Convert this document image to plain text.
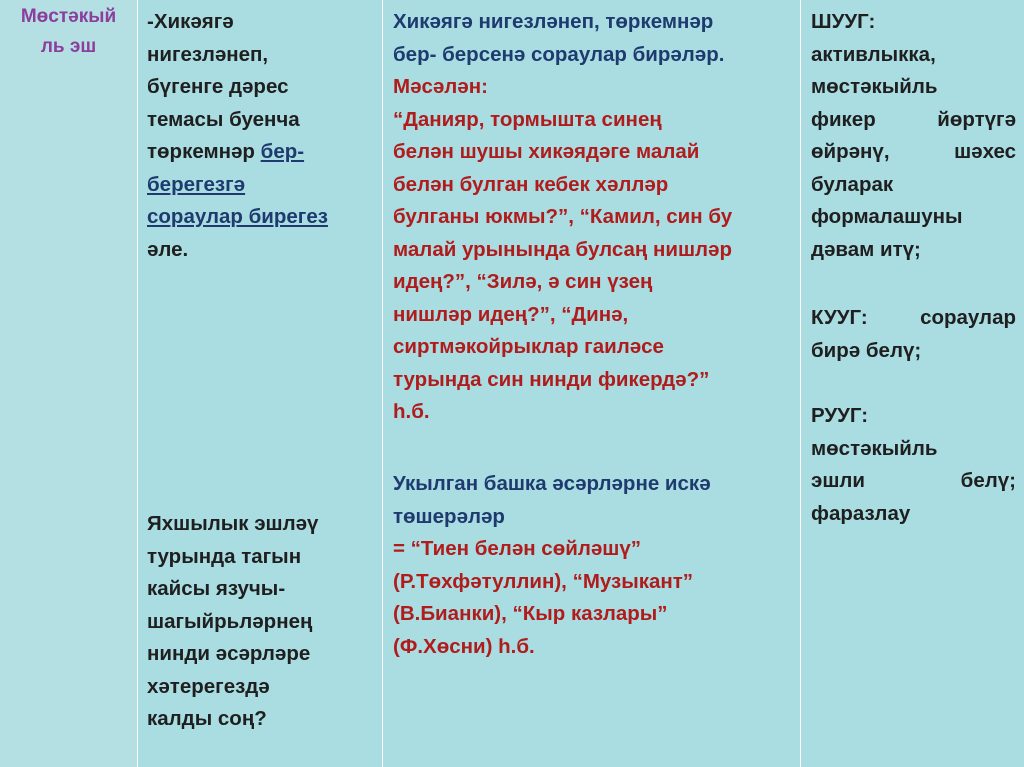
Мөстәкый
ль эш

-Хикәягә
нигезләнеп,
бүгенге дәрес
темасы буенча
төркемнәр бер-
берегезгә
сораулар бирегез
әле.

Яхшылык эшләү
турында тагын
кайсы язучы-
шагыйрьләрнең
нинди әсәрләре
хәтерегездә
калды соң?

Хикәягә нигезләнеп, төркемнәр
бер- берсенә сораулар бирәләр.
Мәсәлән:
“Данияр, тормышта синең
белән шушы хикәядәге малай
белән булган кебек хәлләр
булганы юкмы?”, “Камил, син бу
малай урынында булсаң нишләр
идең?”, “Зилә, ә син үзең
нишләр идең?”, “Динә,
сиртмәкойрыклар гаиләсе
турында син нинди фикердә?”
һ.б.

Укылган башка әсәрләрне искә
төшерәләр
= “Тиен белән сөйләшү”
(Р.Төхфәтуллин), “Музыкант”
(В.Бианки), “Кыр казлары”
(Ф.Хөсни) һ.б.

ШУУГ:
активлыкка,
мөстәкыйль
фикер	йөртүгә
өйрәнү,	шәхес
буларак
формалашуны
дәвам итү;

КУУГ:	сораулар
бирә белү;

РУУГ:
мөстәкыйль
эшли	белү;
фаразлау
